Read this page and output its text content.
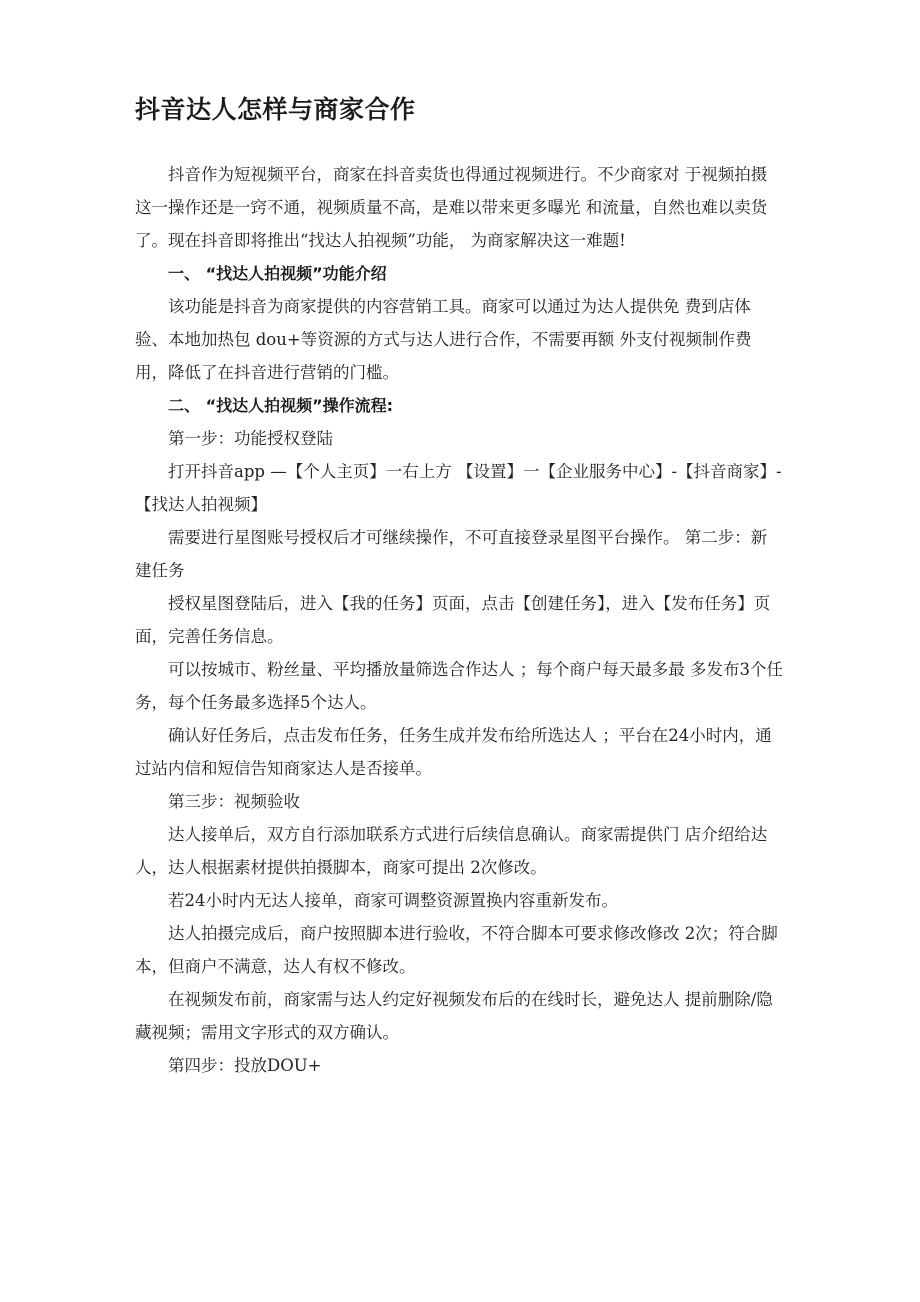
抖音达人怎样与商家合作

抖音作为短视频平台，商家在抖音卖货也得通过视频进行。不少商家对 于视频拍摄这一操作还是一窍不通，视频质量不高，是难以带来更多曝光 和流量，自然也难以卖货了。现在抖音即将推出“找达人拍视频”功能， 为商家解决这一难题!

一、 “找达人拍视频”功能介绍

该功能是抖音为商家提供的内容营销工具。商家可以通过为达人提供免 费到店体验、本地加热包 dou+等资源的方式与达人进行合作，不需要再额 外支付视频制作费用，降低了在抖音进行营销的门槛。

二、 “找达人拍视频”操作流程:

第一步：功能授权登陆

打开抖音app —【个人主页】一右上方 【设置】一【企业服务中心】-【抖音商家】-【找达人拍视频】

需要进行星图账号授权后才可继续操作，不可直接登录星图平台操作。 第二步：新建任务

授权星图登陆后，进入【我的任务】页面，点击【创建任务】，进入【发布任务】页面，完善任务信息。

可以按城市、粉丝量、平均播放量筛选合作达人 ；每个商户每天最多最 多发布3个任务，每个任务最多选择5个达人。

确认好任务后，点击发布任务，任务生成并发布给所选达人 ；平台在24小时内，通过站内信和短信告知商家达人是否接单。

第三步：视频验收

达人接单后，双方自行添加联系方式进行后续信息确认。商家需提供门 店介绍给达人，达人根据素材提供拍摄脚本，商家可提出 2次修改。

若24小时内无达人接单，商家可调整资源置换内容重新发布。

达人拍摄完成后，商户按照脚本进行验收，不符合脚本可要求修改修改 2次；符合脚本，但商户不满意，达人有权不修改。

在视频发布前，商家需与达人约定好视频发布后的在线时长，避免达人 提前删除/隐藏视频；需用文字形式的双方确认。

第四步：投放DOU+
